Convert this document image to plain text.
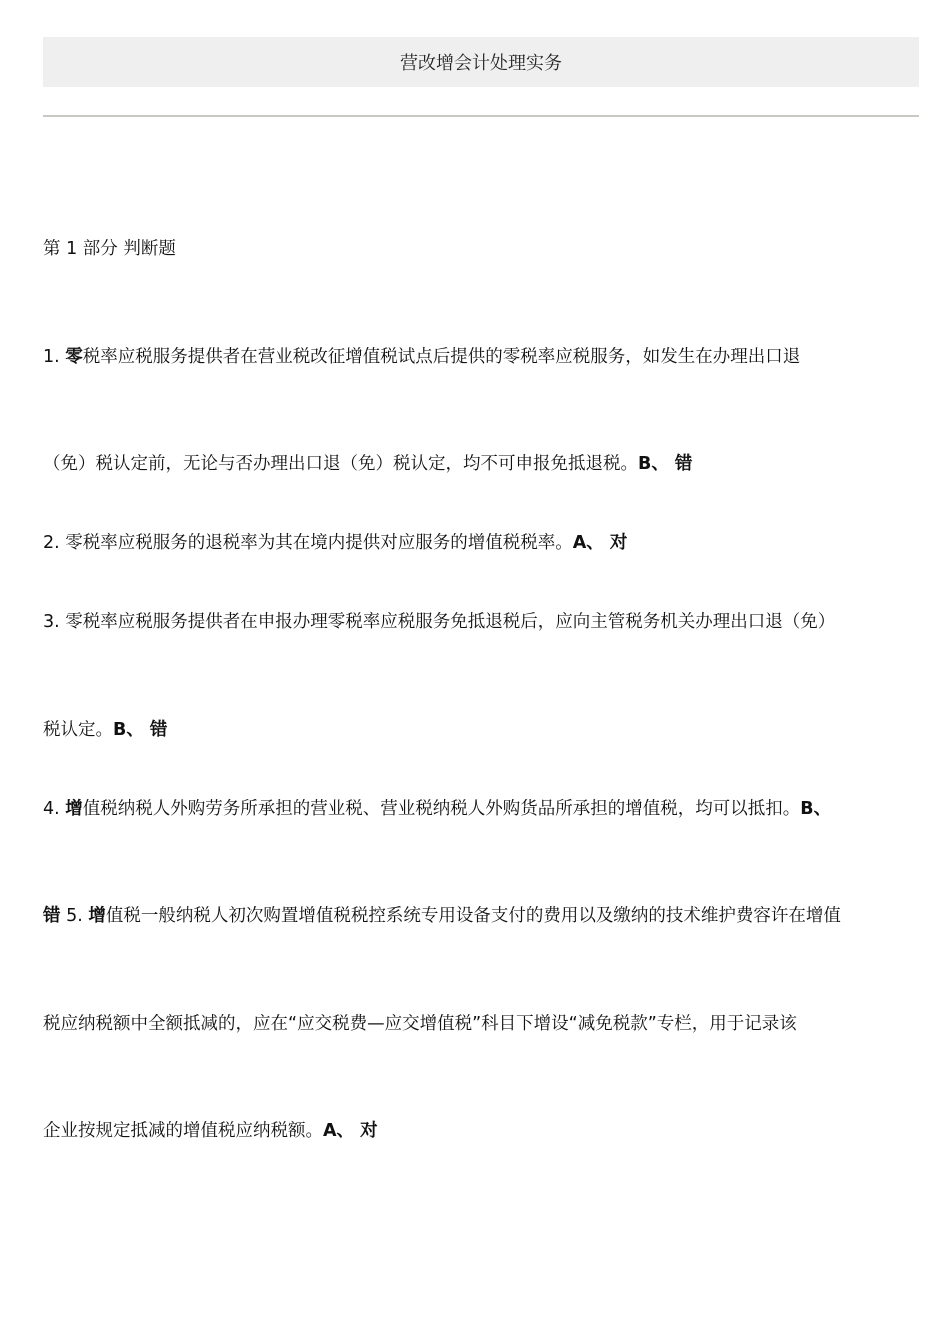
营改增会计处理实务
第 1 部分 判断题
1. 零税率应税服务提供者在营业税改征增值税试点后提供的零税率应税服务，如发生在办理出口退
（免）税认定前，无论与否办理出口退（免）税认定，均不可申报免抵退税。B、 错
2. 零税率应税服务的退税率为其在境内提供对应服务的增值税税率。A、 对
3. 零税率应税服务提供者在申报办理零税率应税服务免抵退税后，应向主管税务机关办理出口退（免）
税认定。B、 错
4. 增值税纳税人外购劳务所承担的营业税、营业税纳税人外购货品所承担的增值税，均可以抵扣。B、
错 5. 增值税一般纳税人初次购置增值税税控系统专用设备支付的费用以及缴纳的技术维护费容许在增值
税应纳税额中全额抵减的，应在“应交税费—应交增值税”科目下增设“减免税款”专栏，用于记录该
企业按规定抵减的增值税应纳税额。A、 对
